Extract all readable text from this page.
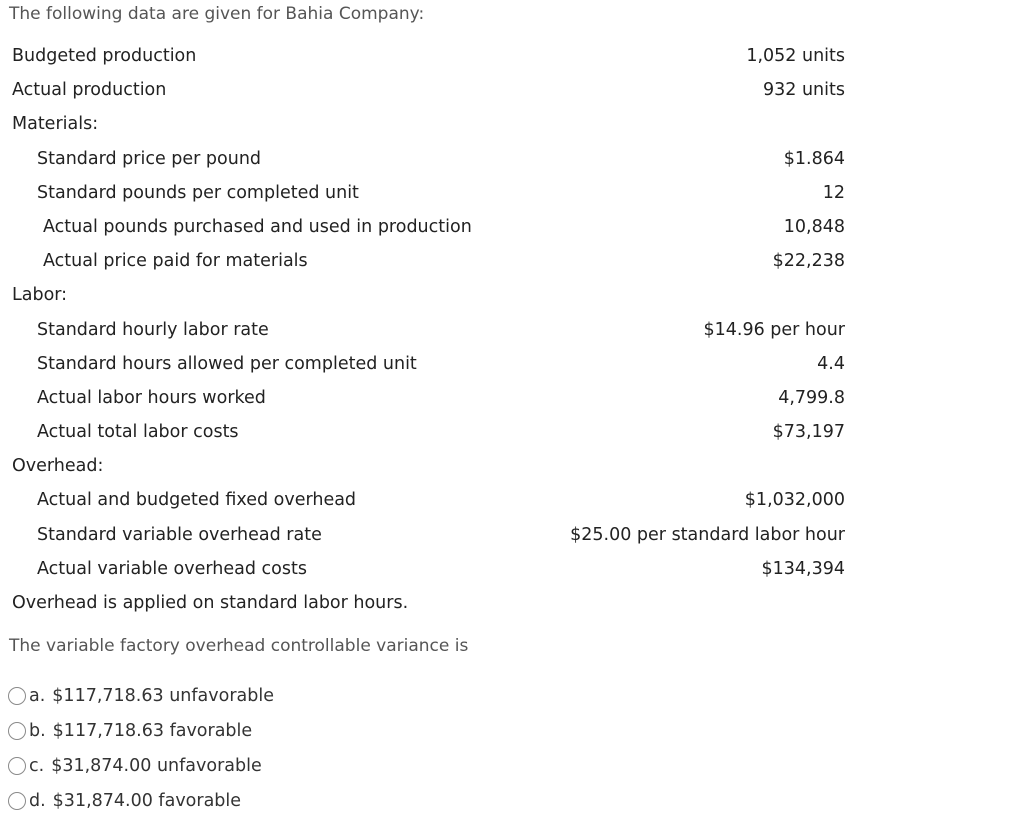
The following data are given for Bahia Company:

Budgeted production	1,052 units
Actual production	932 units
Materials:
Standard price per pound	$1.864
Standard pounds per completed unit	12
Actual pounds purchased and used in production	10,848
Actual price paid for materials	$22,238
Labor:
Standard hourly labor rate	$14.96 per hour
Standard hours allowed per completed unit	4.4
Actual labor hours worked	4,799.8
Actual total labor costs	$73,197
Overhead:
Actual and budgeted fixed overhead	$1,032,000
Standard variable overhead rate	$25.00 per standard labor hour
Actual variable overhead costs	$134,394
Overhead is applied on standard labor hours.

The variable factory overhead controllable variance is

a. $117,718.63 unfavorable
b. $117,718.63 favorable
c. $31,874.00 unfavorable
d. $31,874.00 favorable
